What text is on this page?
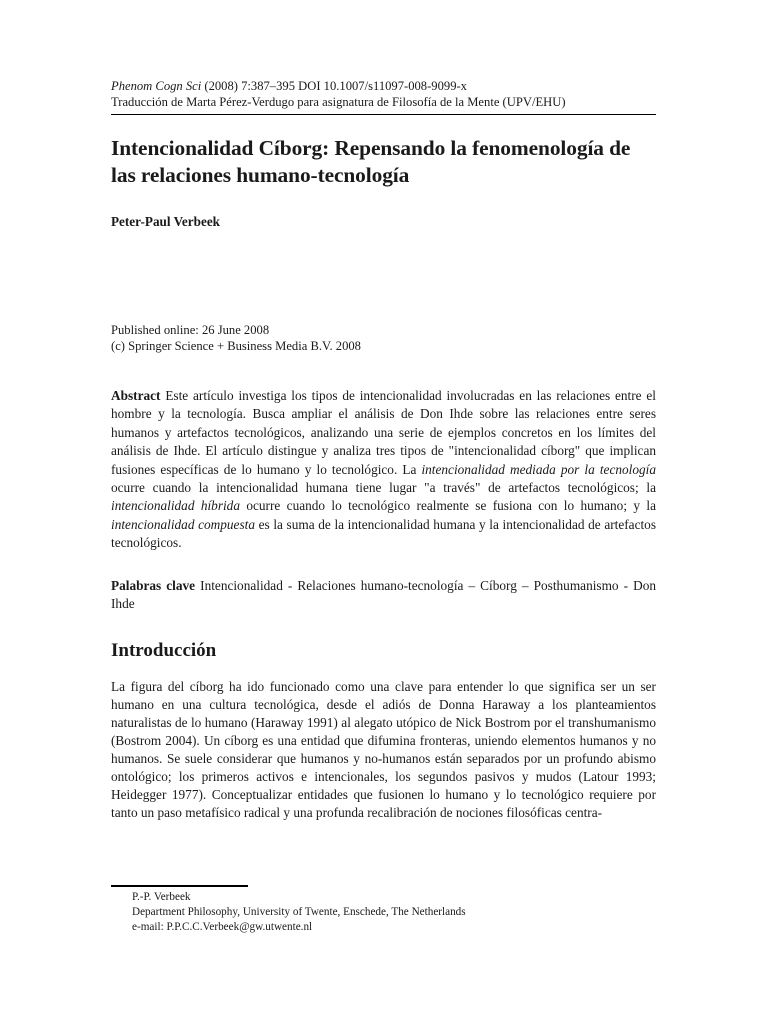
Phenom Cogn Sci (2008) 7:387–395 DOI 10.1007/s11097-008-9099-x
Traducción de Marta Pérez-Verdugo para asignatura de Filosofía de la Mente (UPV/EHU)
Intencionalidad Cíborg: Repensando la fenomenología de las relaciones humano-tecnología
Peter-Paul Verbeek
Published online: 26 June 2008
(c) Springer Science + Business Media B.V. 2008
Abstract Este artículo investiga los tipos de intencionalidad involucradas en las relaciones entre el hombre y la tecnología. Busca ampliar el análisis de Don Ihde sobre las relaciones entre seres humanos y artefactos tecnológicos, analizando una serie de ejemplos concretos en los límites del análisis de Ihde. El artículo distingue y analiza tres tipos de "intencionalidad cíborg" que implican fusiones específicas de lo humano y lo tecnológico. La intencionalidad mediada por la tecnología ocurre cuando la intencionalidad humana tiene lugar "a través" de artefactos tecnológicos; la intencionalidad híbrida ocurre cuando lo tecnológico realmente se fusiona con lo humano; y la intencionalidad compuesta es la suma de la intencionalidad humana y la intencionalidad de artefactos tecnológicos.
Palabras clave Intencionalidad - Relaciones humano-tecnología – Cíborg – Posthumanismo - Don Ihde
Introducción
La figura del cíborg ha ido funcionado como una clave para entender lo que significa ser un ser humano en una cultura tecnológica, desde el adiós de Donna Haraway a los planteamientos naturalistas de lo humano (Haraway 1991) al alegato utópico de Nick Bostrom por el transhumanismo (Bostrom 2004). Un cíborg es una entidad que difumina fronteras, uniendo elementos humanos y no humanos. Se suele considerar que humanos y no-humanos están separados por un profundo abismo ontológico; los primeros activos e intencionales, los segundos pasivos y mudos (Latour 1993; Heidegger 1977). Conceptualizar entidades que fusionen lo humano y lo tecnológico requiere por tanto un paso metafísico radical y una profunda recalibración de nociones filosóficas centra-
P.-P. Verbeek
Department Philosophy, University of Twente, Enschede, The Netherlands
e-mail: P.P.C.C.Verbeek@gw.utwente.nl
